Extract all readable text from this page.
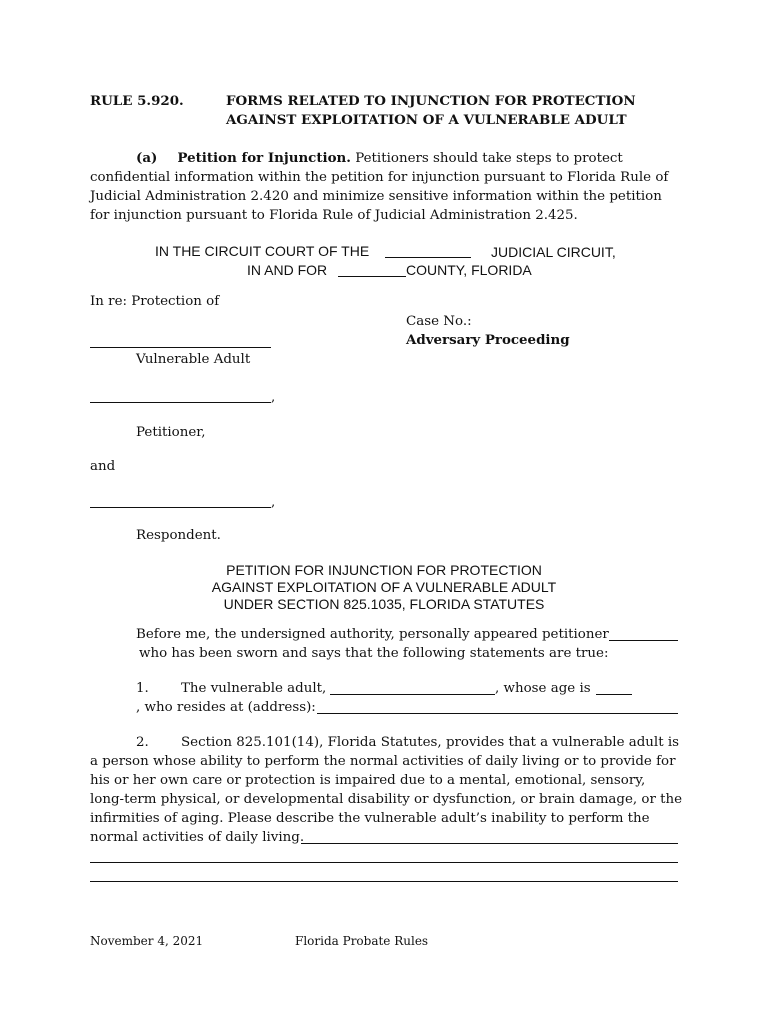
RULE 5.920.	FORMS RELATED TO INJUNCTION FOR PROTECTION
AGAINST EXPLOITATION OF A VULNERABLE ADULT
(a) Petition for Injunction. Petitioners should take steps to protect
confidential information within the petition for injunction pursuant to Florida Rule of
Judicial Administration 2.420 and minimize sensitive information within the petition
for injunction pursuant to Florida Rule of Judicial Administration 2.425.
IN THE CIRCUIT COURT OF THE	JUDICIAL CIRCUIT,
IN AND FOR	COUNTY, FLORIDA
In re: Protection of
Case No.:
Adversary Proceeding
Vulnerable Adult
,
Petitioner,
and
,
Respondent.
PETITION FOR INJUNCTION FOR PROTECTION
AGAINST EXPLOITATION OF A VULNERABLE ADULT
UNDER SECTION 825.1035, FLORIDA STATUTES
Before me, the undersigned authority, personally appeared petitioner
who has been sworn and says that the following statements are true:
1. The vulnerable adult,	, whose age is
, who resides at (address):
2. Section 825.101(14), Florida Statutes, provides that a vulnerable adult is
a person whose ability to perform the normal activities of daily living or to provide for
his or her own care or protection is impaired due to a mental, emotional, sensory,
long-term physical, or developmental disability or dysfunction, or brain damage, or the
infirmities of aging. Please describe the vulnerable adult’s inability to perform the
normal activities of daily living.
November 4, 2021	Florida Probate Rules
